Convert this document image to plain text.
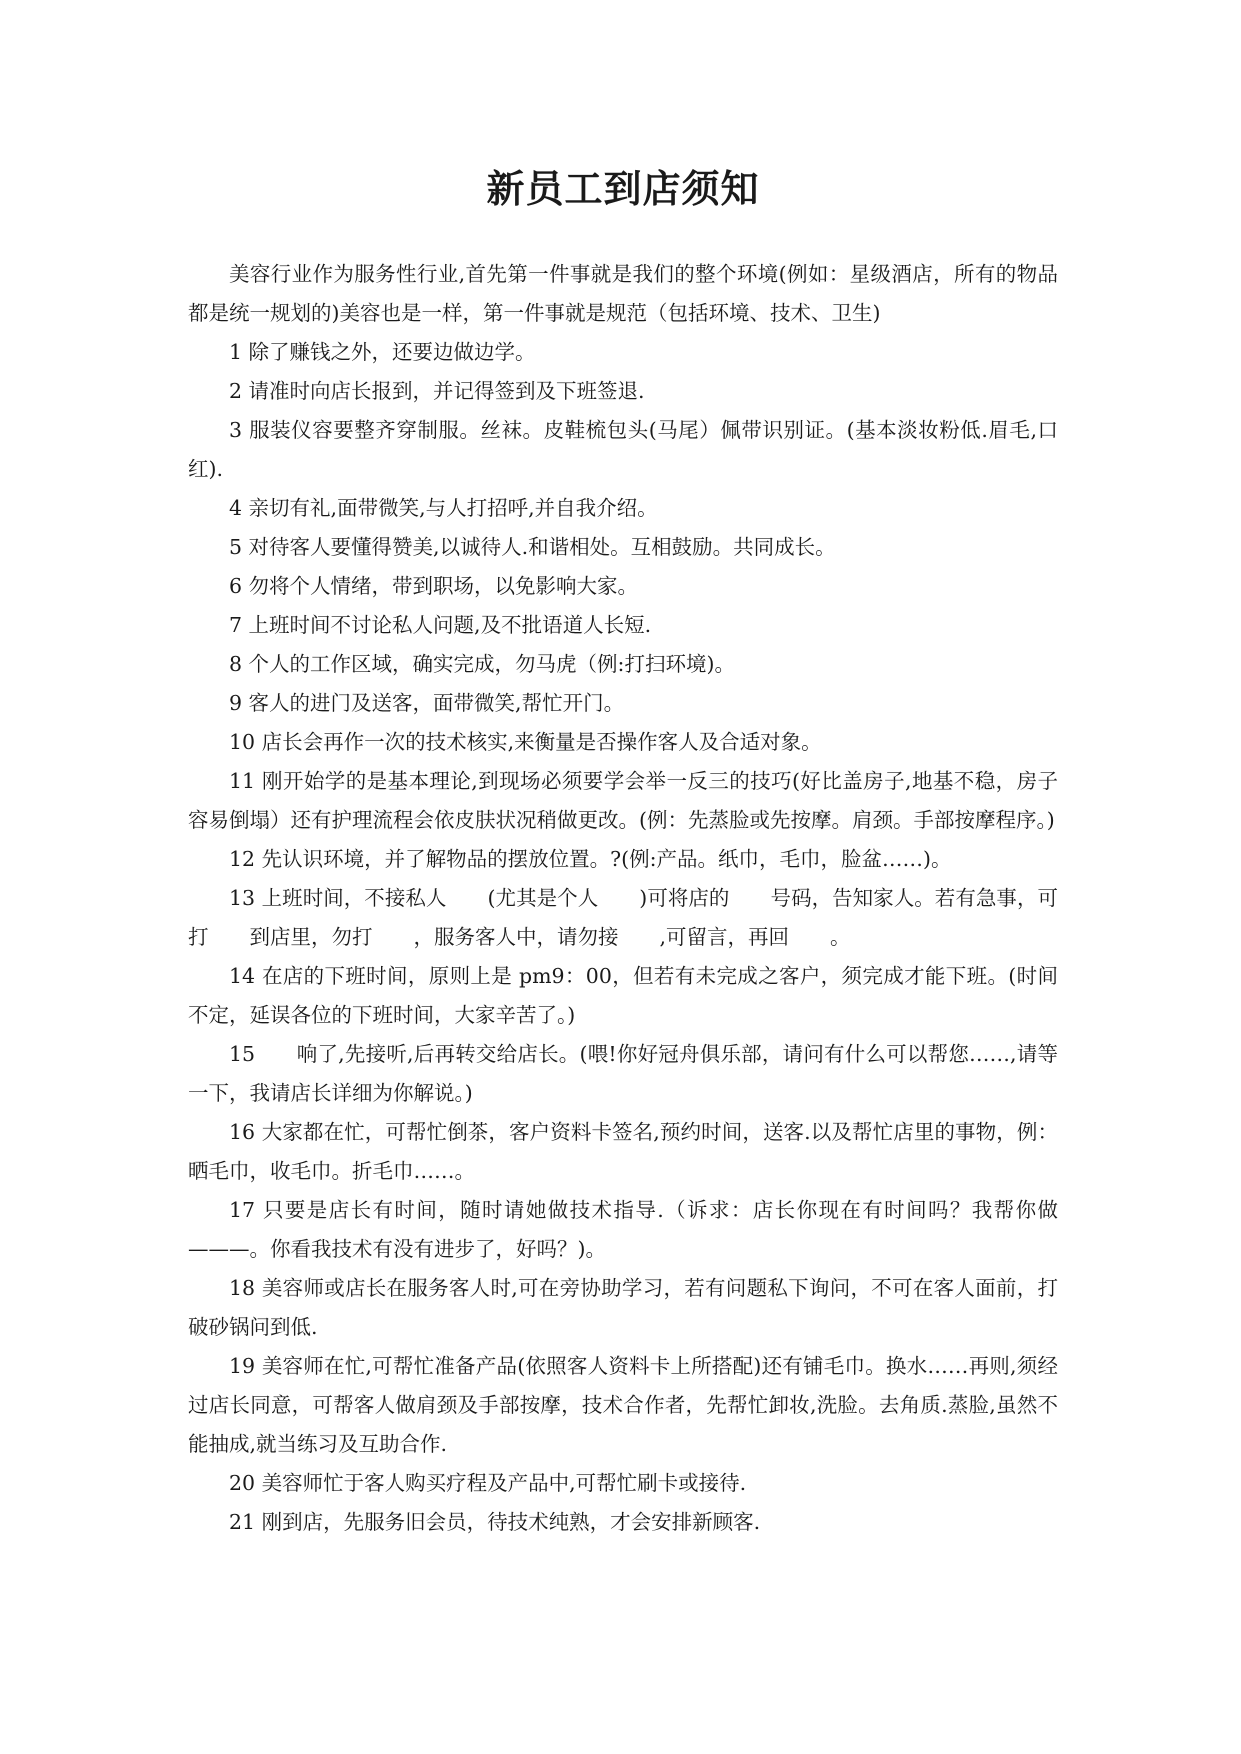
新员工到店须知

美容行业作为服务性行业,首先第一件事就是我们的整个环境(例如：星级酒店，所有的物品都是统一规划的)美容也是一样，第一件事就是规范（包括环境、技术、卫生)

1 除了赚钱之外，还要边做边学。

2 请准时向店长报到，并记得签到及下班签退.

3 服装仪容要整齐穿制服。丝袜。皮鞋梳包头(马尾）佩带识别证。(基本淡妆粉低.眉毛,口红).

4 亲切有礼,面带微笑,与人打招呼,并自我介绍。

5 对待客人要懂得赞美,以诚待人.和谐相处。互相鼓励。共同成长。

6 勿将个人情绪，带到职场，以免影响大家。

7 上班时间不讨论私人问题,及不批语道人长短.

8 个人的工作区域，确实完成，勿马虎（例:打扫环境)。

9 客人的进门及送客，面带微笑,帮忙开门。

10 店长会再作一次的技术核实,来衡量是否操作客人及合适对象。

11 刚开始学的是基本理论,到现场必须要学会举一反三的技巧(好比盖房子,地基不稳，房子容易倒塌）还有护理流程会依皮肤状况稍做更改。(例：先蒸脸或先按摩。肩颈。手部按摩程序。)

12 先认识环境，并了解物品的摆放位置。?(例:产品。纸巾，毛巾，脸盆……)。

13 上班时间，不接私人　　(尤其是个人　　)可将店的　　号码，告知家人。若有急事，可打　　到店里，勿打　　，服务客人中，请勿接　　,可留言，再回　　。

14 在店的下班时间，原则上是 pm9：00，但若有未完成之客户，须完成才能下班。(时间不定，延误各位的下班时间，大家辛苦了。)

15　　响了,先接听,后再转交给店长。(喂!你好冠舟俱乐部，请问有什么可以帮您……,请等一下，我请店长详细为你解说。)

16 大家都在忙，可帮忙倒茶，客户资料卡签名,预约时间，送客.以及帮忙店里的事物，例：晒毛巾，收毛巾。折毛巾……。

17 只要是店长有时间，随时请她做技术指导.（诉求：店长你现在有时间吗？我帮你做———。你看我技术有没有进步了，好吗？)。

18 美容师或店长在服务客人时,可在旁协助学习，若有问题私下询问，不可在客人面前，打破砂锅问到低.

19 美容师在忙,可帮忙准备产品(依照客人资料卡上所搭配)还有铺毛巾。换水……再则,须经过店长同意，可帮客人做肩颈及手部按摩，技术合作者，先帮忙卸妆,洗脸。去角质.蒸脸,虽然不能抽成,就当练习及互助合作.

20 美容师忙于客人购买疗程及产品中,可帮忙刷卡或接待.

21 刚到店，先服务旧会员，待技术纯熟，才会安排新顾客.
